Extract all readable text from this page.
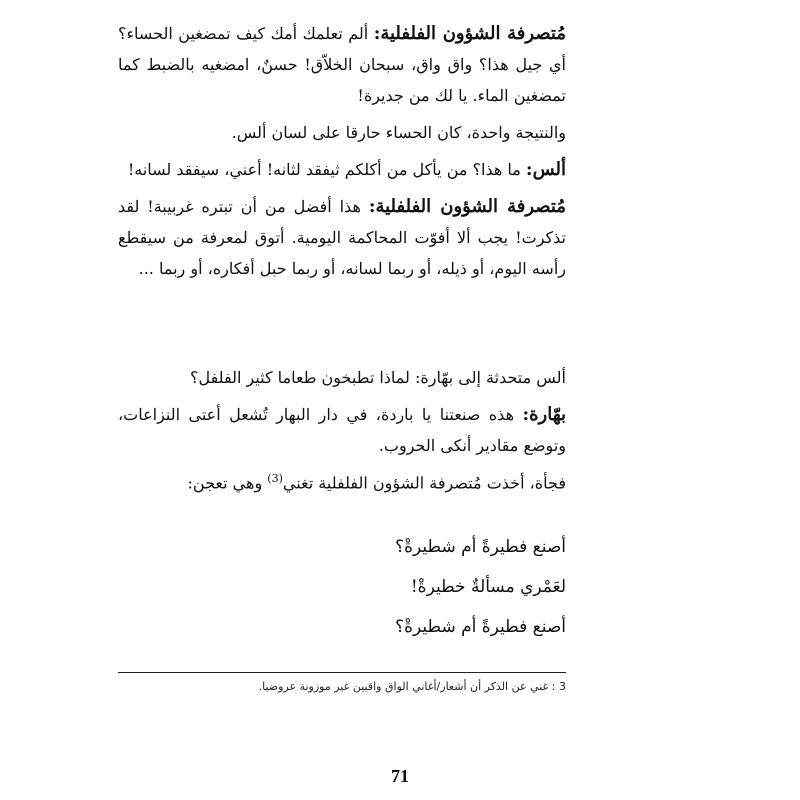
مُتصرفة الشؤون الفلفلية: ألم تعلمك أمك كيف تمضغين الحساء؟ أي جيل هذا؟ واق واق، سبحان الخلاّق! حسنٌ، امضغيه بالضبط كما تمضغين الماء. يا لك من جديرة!

والنتيجة واحدة، كان الحساء حارقا على لسان ألس.

ألس: ما هذا؟ من يأكل من أكلكم ثيفقد لثانه! أعني، سيفقد لسانه!

مُتصرفة الشؤون الفلفلية: هذا أفضل من أن تبتره غربيبة! لقد تذكرت! يجب ألا أفوّت المحاكمة اليومية. أتوق لمعرفة من سيقطع رأسه اليوم، أو ذيله، أو ربما لسانه، أو ربما حبل أفكاره، أو ربما ...

ألس متحدثة إلى بهّارة: لماذا تطبخون طعاما كثير الفلفل؟

بهّارة: هذه صنعتنا يا باردة، في دار البهار تُشعل أعتى النزاعات، وتوضع مقادير أنكى الحروب.

فجأة، أخذت مُتصرفة الشؤون الفلفلية تغني$^{(3)}$ وهي تعجن:

أصنع فطيرةً أم شطيرةْ؟
لعَمْري مسألةٌ خطيرةْ!
أصنع فطيرةً أم شطيرةْ؟
3 : غني عن الذكر أن أشعار/أغاني الواق واقيين غير موزونة عروضيا.
71
